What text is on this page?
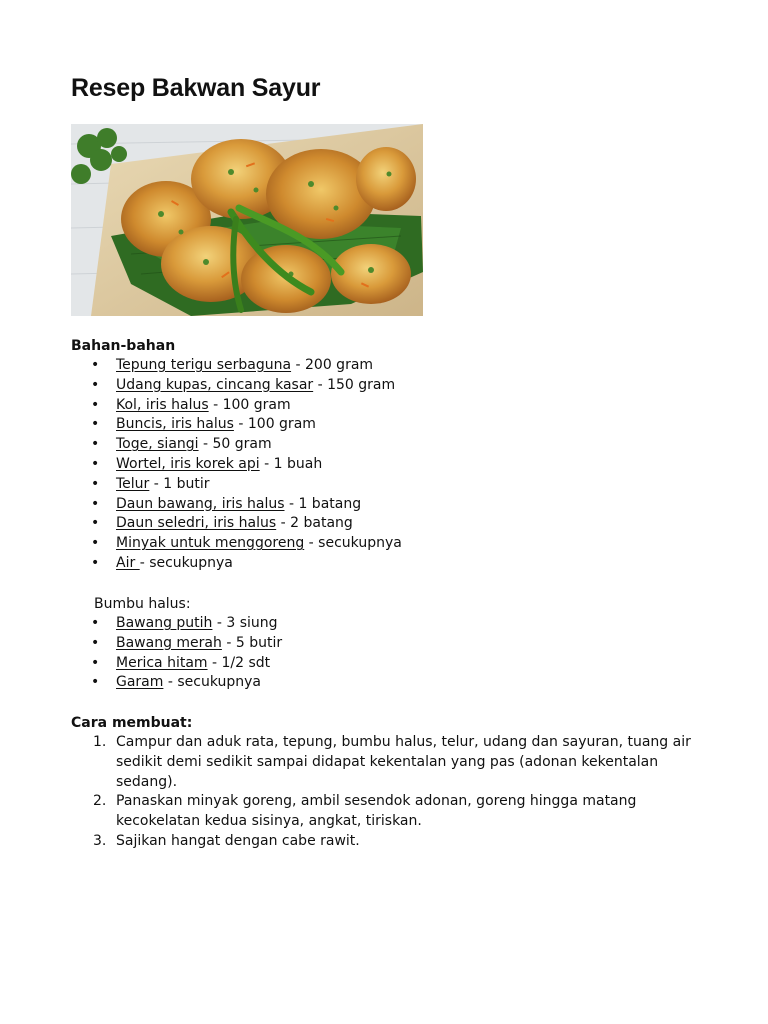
Resep Bakwan Sayur
Bahan-bahan
• Tepung terigu serbaguna - 200 gram
• Udang kupas, cincang kasar - 150 gram
• Kol, iris halus - 100 gram
• Buncis, iris halus - 100 gram
• Toge, siangi - 50 gram
• Wortel, iris korek api - 1 buah
• Telur - 1 butir
• Daun bawang, iris halus - 1 batang
• Daun seledri, iris halus - 2 batang
• Minyak untuk menggoreng - secukupnya
• Air - secukupnya

Bumbu halus:

• Bawang putih - 3 siung
• Bawang merah - 5 butir
• Merica hitam - 1/2 sdt
• Garam - secukupnya
Cara membuat:
1. Campur dan aduk rata, tepung, bumbu halus, telur, udang dan sayuran, tuang air sedikit demi sedikit sampai didapat kekentalan yang pas (adonan kekentalan sedang).
2. Panaskan minyak goreng, ambil sesendok adonan, goreng hingga matang kecokelatan kedua sisinya, angkat, tiriskan.
3. Sajikan hangat dengan cabe rawit.
